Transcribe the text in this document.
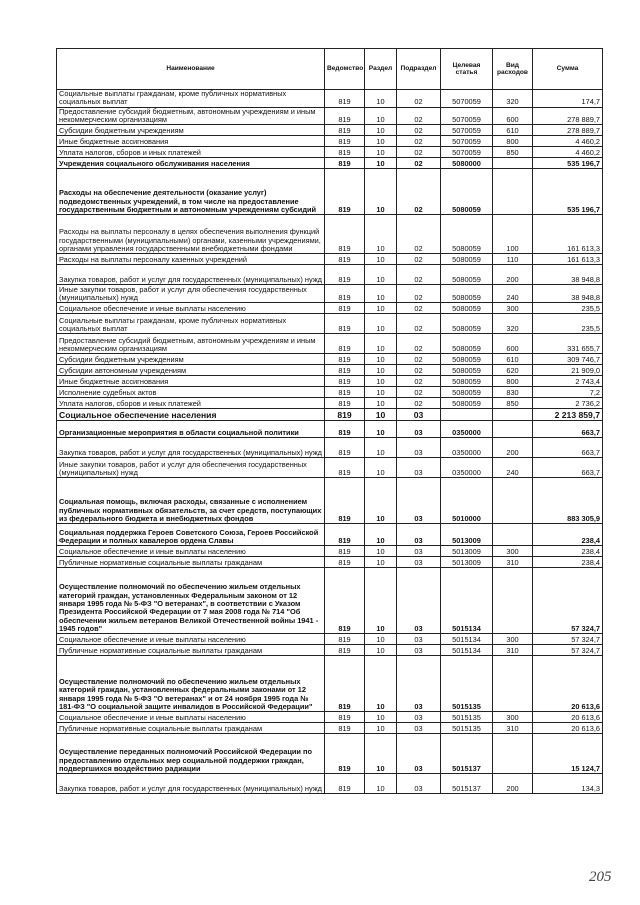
Наименование	Ведомство	Раздел	Подраздел	Целевая статья	Вид расходов	Сумма
Социальные выплаты гражданам, кроме публичных нормативных социальных выплат	819	10	02	5070059	320	174,7
Предоставление субсидий бюджетным, автономным учреждениям и иным некоммерческим организациям	819	10	02	5070059	600	278 889,7
Субсидии бюджетным учреждениям	819	10	02	5070059	610	278 889,7
Иные бюджетные ассигнования	819	10	02	5070059	800	4 460,2
Уплата налогов, сборов и иных платежей	819	10	02	5070059	850	4 460,2
Учреждения социального обслуживания населения	819	10	02	5080000		535 196,7
Расходы на обеспечение деятельности (оказание услуг) подведомственных учреждений, в том числе на предоставление государственным бюджетным и автономным учреждениям субсидий	819	10	02	5080059		535 196,7
Расходы на выплаты персоналу в целях обеспечения выполнения функций государственными (муниципальными) органами, казенными учреждениями, органами управления государственными внебюджетными фондами	819	10	02	5080059	100	161 613,3
Расходы на выплаты персоналу казенных учреждений	819	10	02	5080059	110	161 613,3
Закупка товаров, работ и услуг для государственных (муниципальных) нужд	819	10	02	5080059	200	38 948,8
Иные закупки товаров, работ и услуг для обеспечения государственных (муниципальных) нужд	819	10	02	5080059	240	38 948,8
Социальное обеспечение и иные выплаты населению	819	10	02	5080059	300	235,5
Социальные выплаты гражданам, кроме публичных нормативных социальных выплат	819	10	02	5080059	320	235,5
Предоставление субсидий бюджетным, автономным учреждениям и иным некоммерческим организациям	819	10	02	5080059	600	331 655,7
Субсидии бюджетным учреждениям	819	10	02	5080059	610	309 746,7
Субсидии автономным учреждениям	819	10	02	5080059	620	21 909,0
Иные бюджетные ассигнования	819	10	02	5080059	800	2 743,4
Исполнение судебных актов	819	10	02	5080059	830	7,2
Уплата налогов, сборов и иных платежей	819	10	02	5080059	850	2 736,2
Социальное обеспечение населения	819	10	03			2 213 859,7
Организационные мероприятия в области социальной политики	819	10	03	0350000		663,7
Закупка товаров, работ и услуг для государственных (муниципальных) нужд	819	10	03	0350000	200	663,7
Иные закупки товаров, работ и услуг для обеспечения государственных (муниципальных) нужд	819	10	03	0350000	240	663,7
Социальная помощь, включая расходы, связанные с исполнением публичных нормативных обязательств, за счет средств, поступающих из федерального бюджета и внебюджетных фондов	819	10	03	5010000		883 305,9
Социальная поддержка Героев Советского Союза, Героев Российской Федерации и полных кавалеров ордена Славы	819	10	03	5013009		238,4
Социальное обеспечение и иные выплаты населению	819	10	03	5013009	300	238,4
Публичные нормативные социальные выплаты гражданам	819	10	03	5013009	310	238,4
Осуществление полномочий по обеспечению жильем отдельных категорий граждан, установленных Федеральным законом от 12 января 1995 года № 5-ФЗ "О ветеранах", в соответствии с Указом Президента Российской Федерации от 7 мая 2008 года № 714 "Об обеспечении жильем ветеранов Великой Отечественной войны 1941 - 1945 годов"	819	10	03	5015134		57 324,7
Социальное обеспечение и иные выплаты населению	819	10	03	5015134	300	57 324,7
Публичные нормативные социальные выплаты гражданам	819	10	03	5015134	310	57 324,7
Осуществление полномочий по обеспечению жильем отдельных категорий граждан, установленных федеральными законами от 12 января 1995 года № 5-ФЗ "О ветеранах" и от 24 ноября 1995 года № 181-ФЗ "О социальной защите инвалидов в Российской Федерации"	819	10	03	5015135		20 613,6
Социальное обеспечение и иные выплаты населению	819	10	03	5015135	300	20 613,6
Публичные нормативные социальные выплаты гражданам	819	10	03	5015135	310	20 613,6
Осуществление переданных полномочий Российской Федерации по предоставлению отдельных мер социальной поддержки граждан, подвергшихся воздействию радиации	819	10	03	5015137		15 124,7
Закупка товаров, работ и услуг для государственных (муниципальных) нужд	819	10	03	5015137	200	134,3
205
